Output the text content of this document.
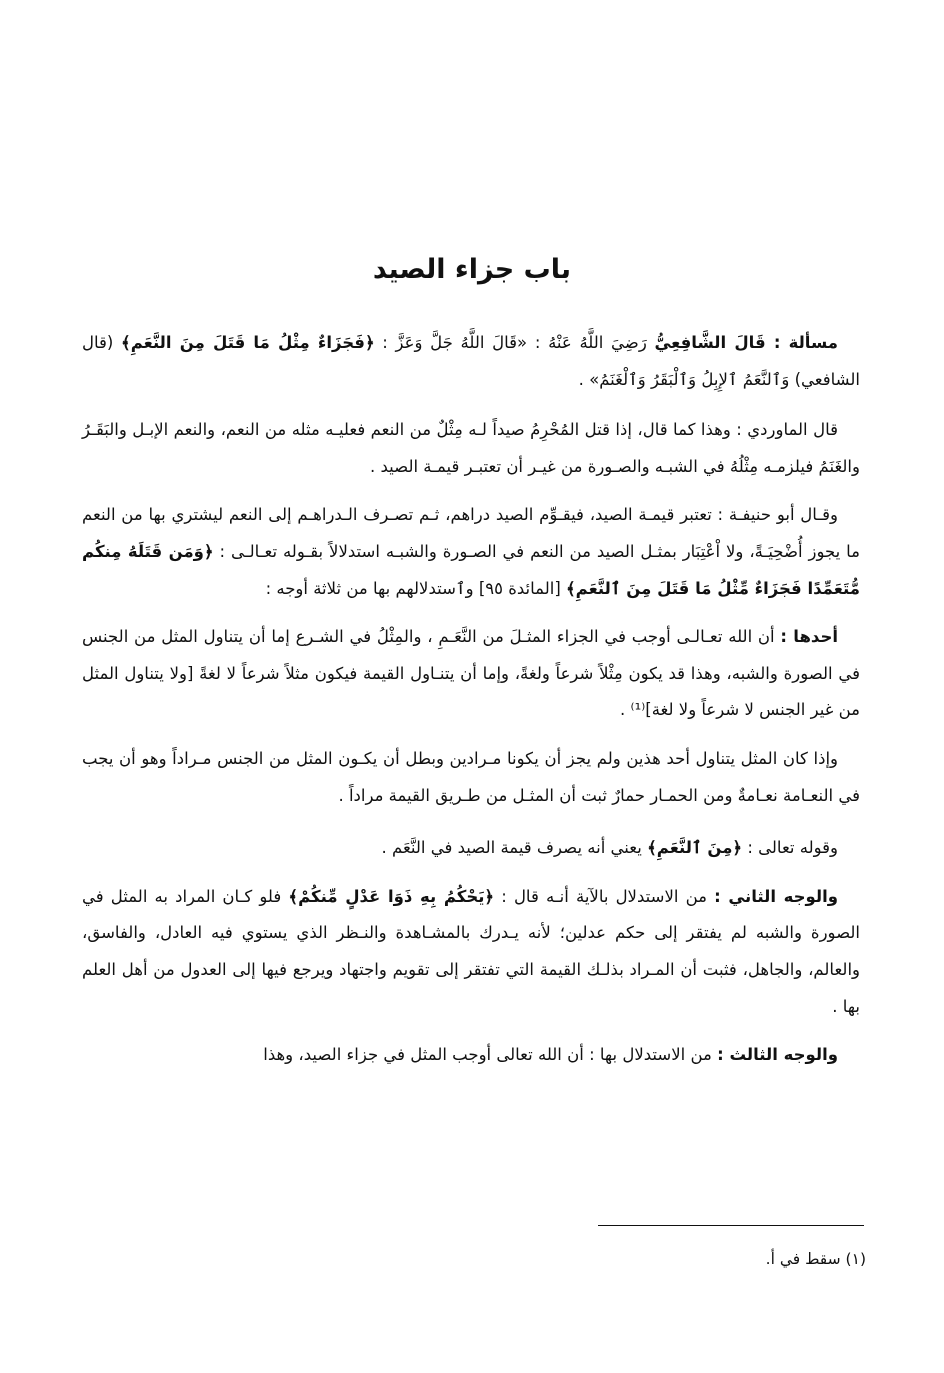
باب جزاء الصيد

مسألة : قَالَ الشَّافِعِيُّ رَضِيَ اللَّهُ عَنْهُ : «قَالَ اللَّهُ جَلَّ وَعَزَّ : ﴿فَجَزَاءٌ مِثْلُ مَا قَتَلَ مِنَ النَّعَمِ﴾ (قال الشافعي) وَٱلنَّعَمُ ٱلإِبِلُ وَٱلْبَقَرُ وَٱلْغَنَمُ» .

قال الماوردي : وهذا كما قال، إذا قتل المُحْرِمُ صيداً لـه مِثْلٌ من النعم فعليـه مثله من النعم، والنعم الإبـل والبَقَـرُ والغَنَمُ فيلزمـه مِثْلُهُ في الشبـه والصـورة من غيـر أن تعتبـر قيمـة الصيد .

وقـال أبو حنيفـة : تعتبر قيمـة الصيد، فيقـوِّم الصيد دراهم، ثـم تصـرف الـدراهـم إلى النعم ليشتري بها من النعم ما يجوز أُضْحِيَـةً، ولا اْعْتِبَار بمثـل الصيد من النعم في الصـورة والشبـه استدلالاً بقـوله تعـالـى : ﴿وَمَن قَتَلَهُ مِنكُم مُّتَعَمِّدًا فَجَزَاءٌ مِّثْلُ مَا قَتَلَ مِنَ ٱلنَّعَمِ﴾ [المائدة ٩٥] وٱستدلالهم بها من ثلاثة أوجه :

أحدها : أن الله تعـالـى أوجب في الجزاء المثـلَ من النَّعَـمِ ، والمِثْلُ في الشـرع إما أن يتناول المثل من الجنس في الصورة والشبه، وهذا قد يكون مِثْلاً شرعاً ولغةً، وإما أن يتنـاول القيمة فيكون مثلاً شرعاً لا لغةً [ولا يتناول المثل من غير الجنس لا شرعاً ولا لغة]⁽¹⁾ .

وإذا كان المثل يتناول أحد هذين ولم يجز أن يكونا مـرادين وبطل أن يكـون المثل من الجنس مـراداً وهو أن يجب في النعـامة نعـامةٌ ومن الحمـار حمارٌ ثبت أن المثـل من طـريق القيمة مراداً .

وقوله تعالى : ﴿مِنَ ٱلنَّعَمِ﴾ يعني أنه يصرف قيمة الصيد في النَّعَم .

والوجه الثاني : من الاستدلال بالآية أنـه قال : ﴿يَحْكُمُ بِهِ ذَوَا عَدْلٍ مِّنكُمْ﴾ فلو كـان المراد به المثل في الصورة والشبه لم يفتقر إلى حكم عدلين؛ لأنه يـدرك بالمشـاهدة والنـظر الذي يستوي فيه العادل، والفاسق، والعالم، والجاهل، فثبت أن المـراد بذلـك القيمة التي تفتقر إلى تقويم واجتهاد ويرجع فيها إلى العدول من أهل العلم بها .

والوجه الثالث : من الاستدلال بها : أن الله تعالى أوجب المثل في جزاء الصيد، وهذا

(١) سقط في أ.
